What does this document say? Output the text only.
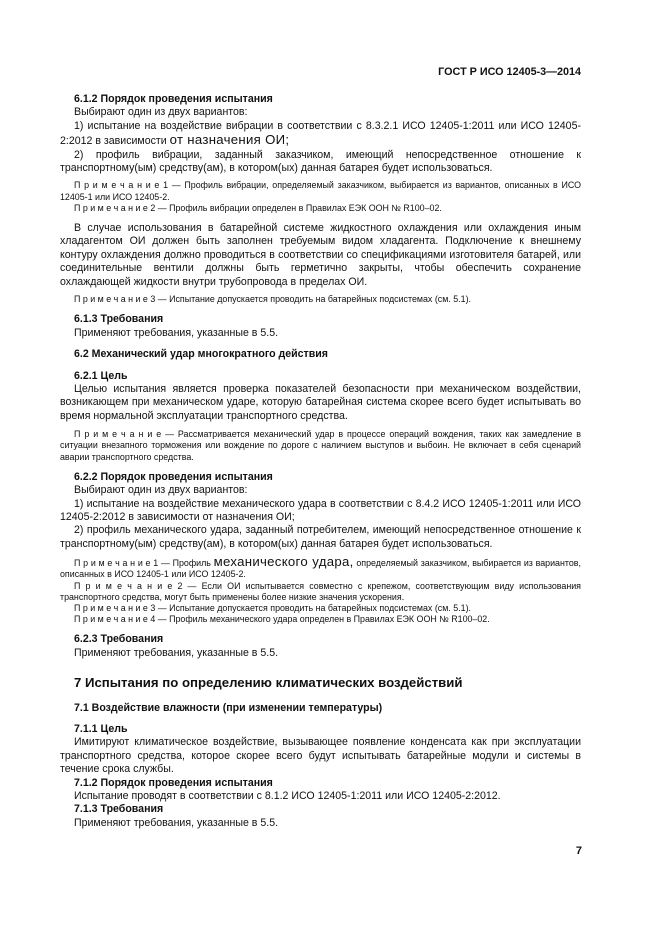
ГОСТ Р ИСО 12405-3—2014

6.1.2 Порядок проведения испытания

Выбирают один из двух вариантов:

1) испытание на воздействие вибрации в соответствии с 8.3.2.1 ИСО 12405-1:2011 или ИСО 12405-2:2012 в зависимости от назначения ОИ;

2) профиль вибрации, заданный заказчиком, имеющий непосредственное отношение к транспортному(ым) средству(ам), в котором(ых) данная батарея будет использоваться.

П р и м е ч а н и е 1 — Профиль вибрации, определяемый заказчиком, выбирается из вариантов, описанных в ИСО 12405-1 или ИСО 12405-2.

П р и м е ч а н и е 2 — Профиль вибрации определен в Правилах ЕЭК ООН № R100–02.

В случае использования в батарейной системе жидкостного охлаждения или охлаждения иным хладагентом ОИ должен быть заполнен требуемым видом хладагента. Подключение к внешнему контуру охлаждения должно проводиться в соответствии со спецификациями изготовителя батарей, или соединительные вентили должны быть герметично закрыты, чтобы обеспечить сохранение охлаждающей жидкости внутри трубопровода в пределах ОИ.

П р и м е ч а н и е 3 — Испытание допускается проводить на батарейных подсистемах (см. 5.1).

6.1.3 Требования

Применяют требования, указанные в 5.5.

6.2 Механический удар многократного действия

6.2.1 Цель

Целью испытания является проверка показателей безопасности при механическом воздействии, возникающем при механическом ударе, которую батарейная система скорее всего будет испытывать во время нормальной эксплуатации транспортного средства.

П р и м е ч а н и е — Рассматривается механический удар в процессе операций вождения, таких как замедление в ситуации внезапного торможения или вождение по дороге с наличием выступов и выбоин. Не включает в себя сценарий аварии транспортного средства.

6.2.2 Порядок проведения испытания

Выбирают один из двух вариантов:

1) испытание на воздействие механического удара в соответствии с 8.4.2 ИСО 12405-1:2011 или ИСО 12405-2:2012 в зависимости от назначения ОИ;

2) профиль механического удара, заданный потребителем, имеющий непосредственное отношение к транспортному(ым) средству(ам), в котором(ых) данная батарея будет использоваться.

П р и м е ч а н и е 1 — Профиль механического удара, определяемый заказчиком, выбирается из вариантов, описанных в ИСО 12405-1 или ИСО 12405-2.

П р и м е ч а н и е 2 — Если ОИ испытывается совместно с крепежом, соответствующим виду использования транспортного средства, могут быть применены более низкие значения ускорения.

П р и м е ч а н и е 3 — Испытание допускается проводить на батарейных подсистемах (см. 5.1).

П р и м е ч а н и е 4 — Профиль механического удара определен в Правилах ЕЭК ООН № R100–02.

6.2.3 Требования

Применяют требования, указанные в 5.5.

7 Испытания по определению климатических воздействий

7.1 Воздействие влажности (при изменении температуры)

7.1.1 Цель

Имитируют климатическое воздействие, вызывающее появление конденсата как при эксплуатации транспортного средства, которое скорее всего будут испытывать батарейные модули и системы в течение срока службы.

7.1.2 Порядок проведения испытания

Испытание проводят в соответствии с 8.1.2 ИСО 12405-1:2011 или ИСО 12405-2:2012.

7.1.3 Требования

Применяют требования, указанные в 5.5.

7
